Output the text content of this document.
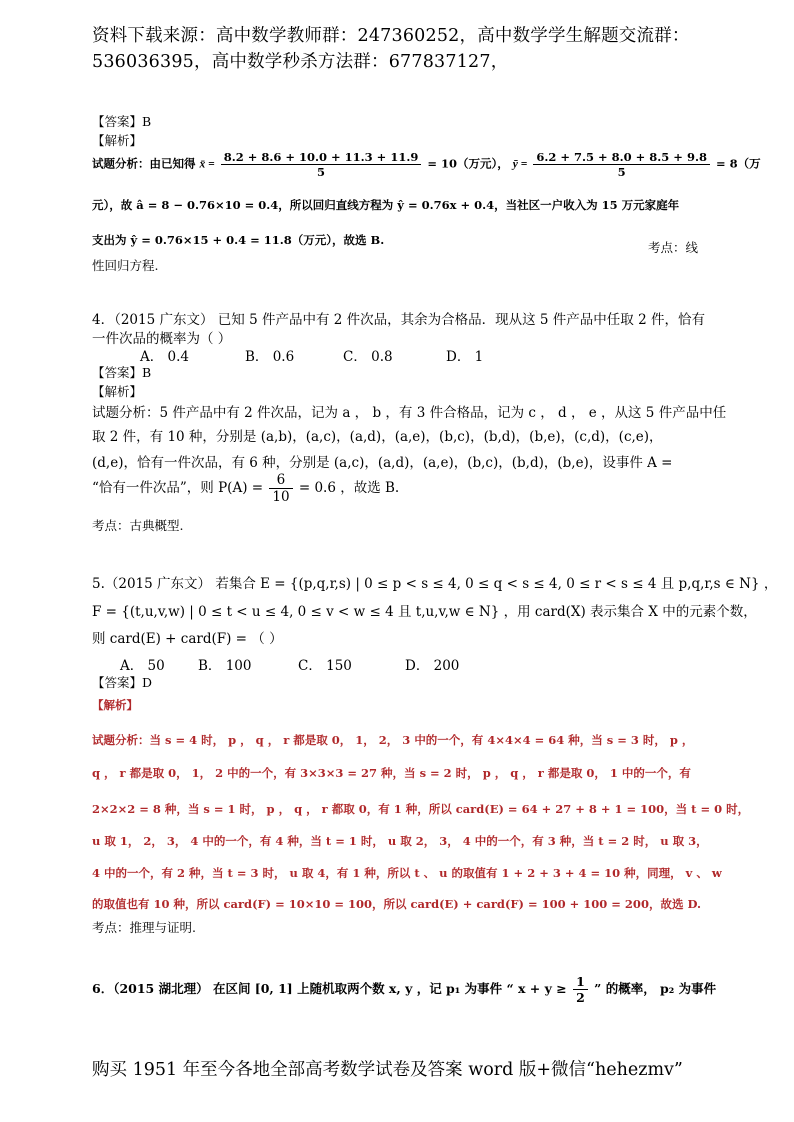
资料下载来源：高中数学教师群：247360252，高中数学学生解题交流群：
536036395，高中数学秒杀方法群：677837127，
【答案】B
【解析】
试题分析：由已知得 x̄ = $\frac{8.2 + 8.6 + 10.0 + 11.3 + 11.9}{5} = 10$（万元）， ȳ = $\frac{6.2 + 7.5 + 8.0 + 8.5 + 9.8}{5} = 8$（万
元），故 â = 8 − 0.76×10 = 0.4，所以回归直线方程为 ŷ = 0.76x + 0.4，当社区一户收入为 15 万元家庭年
支出为 ŷ = 0.76×15 + 0.4 = 11.8（万元），故选 B.	考点：线
性回归方程.
4．（2015 广东文） 已知 5 件产品中有 2 件次品，其余为合格品．现从这 5 件产品中任取 2 件，恰有
一件次品的概率为（ ）
A． 0.4	B． 0.6	C． 0.8	D． 1
【答案】B
【解析】
试题分析：5 件产品中有 2 件次品，记为 a ， b ，有 3 件合格品，记为 c ， d ， e ，从这 5 件产品中任
取 2 件，有 10 种，分别是 (a,b)，(a,c)，(a,d)，(a,e)，(b,c)，(b,d)，(b,e)，(c,d)，(c,e)，
(d,e)，恰有一件次品，有 6 种，分别是 (a,c)，(a,d)，(a,e)，(b,c)，(b,d)，(b,e)，设事件 A =
“恰有一件次品”，则 $P(A) = \frac{6}{10} = 0.6$ ，故选 B.
考点：古典概型.
5.（2015 广东文） 若集合 E = {(p,q,r,s) | 0 ≤ p < s ≤ 4, 0 ≤ q < s ≤ 4, 0 ≤ r < s ≤ 4 且 p,q,r,s ∈ N} ，
F = {(t,u,v,w) | 0 ≤ t < u ≤ 4, 0 ≤ v < w ≤ 4 且 t,u,v,w ∈ N} ，用 card(X) 表示集合 X 中的元素个数，
则 card(E) + card(F) = （ ）
A． 50 B． 100	C． 150	D． 200
【答案】D
【解析】
试题分析：当 s = 4 时， p ， q ， r 都是取 0， 1， 2， 3 中的一个，有 4×4×4 = 64 种，当 s = 3 时， p ，
q ， r 都是取 0， 1， 2 中的一个，有 3×3×3 = 27 种，当 s = 2 时， p ， q ， r 都是取 0， 1 中的一个，有
2×2×2 = 8 种，当 s = 1 时， p ， q ， r 都取 0，有 1 种，所以 card(E) = 64 + 27 + 8 + 1 = 100，当 t = 0 时，
u 取 1， 2， 3， 4 中的一个，有 4 种，当 t = 1 时， u 取 2， 3， 4 中的一个，有 3 种，当 t = 2 时， u 取 3，
4 中的一个，有 2 种，当 t = 3 时， u 取 4，有 1 种，所以 t 、 u 的取值有 1 + 2 + 3 + 4 = 10 种，同理， v 、 w
的取值也有 10 种，所以 card(F) = 10×10 = 100，所以 card(E) + card(F) = 100 + 100 = 200，故选 D.
考点：推理与证明.
6．（2015 湖北理） 在区间 [0, 1] 上随机取两个数 x, y ，记 p₁ 为事件 “ $x + y \ge \frac{1}{2}$ ” 的概率， p₂ 为事件
购买 1951 年至今各地全部高考数学试卷及答案 word 版+微信“hehezmv”
